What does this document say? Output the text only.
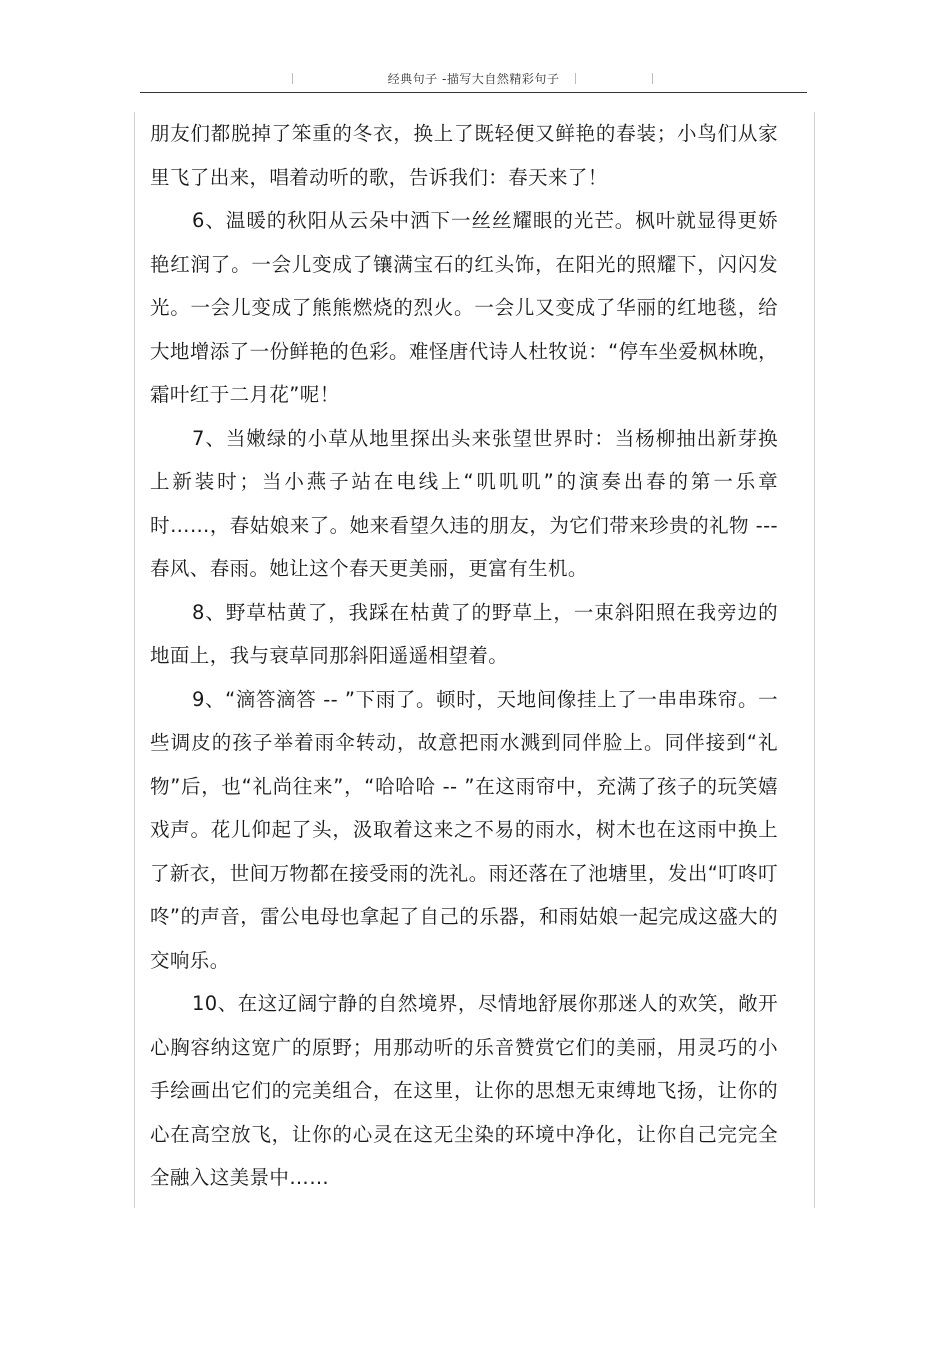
经典句子 -描写大自然精彩句子

朋友们都脱掉了笨重的冬衣，换上了既轻便又鲜艳的春装；小鸟们从家里飞了出来，唱着动听的歌，告诉我们：春天来了！

6、温暖的秋阳从云朵中洒下一丝丝耀眼的光芒。枫叶就显得更娇艳红润了。一会儿变成了镶满宝石的红头饰，在阳光的照耀下，闪闪发光。一会儿变成了熊熊燃烧的烈火。一会儿又变成了华丽的红地毯，给大地增添了一份鲜艳的色彩。难怪唐代诗人杜牧说：“停车坐爱枫林晚，霜叶红于二月花”呢！

7、当嫩绿的小草从地里探出头来张望世界时：当杨柳抽出新芽换上新装时；当小燕子站在电线上“叽叽叽”的演奏出春的第一乐章时……，春姑娘来了。她来看望久违的朋友，为它们带来珍贵的礼物 --- 春风、春雨。她让这个春天更美丽，更富有生机。

8、野草枯黄了，我踩在枯黄了的野草上，一束斜阳照在我旁边的地面上，我与衰草同那斜阳遥遥相望着。

9、“滴答滴答 -- ”下雨了。顿时，天地间像挂上了一串串珠帘。一些调皮的孩子举着雨伞转动，故意把雨水溅到同伴脸上。同伴接到“礼物”后，也“礼尚往来”，“哈哈哈 -- ”在这雨帘中，充满了孩子的玩笑嬉戏声。花儿仰起了头，汲取着这来之不易的雨水，树木也在这雨中换上了新衣，世间万物都在接受雨的洗礼。雨还落在了池塘里，发出“叮咚叮咚”的声音，雷公电母也拿起了自己的乐器，和雨姑娘一起完成这盛大的交响乐。

10、在这辽阔宁静的自然境界，尽情地舒展你那迷人的欢笑，敞开心胸容纳这宽广的原野；用那动听的乐音赞赏它们的美丽，用灵巧的小手绘画出它们的完美组合，在这里，让你的思想无束缚地飞扬，让你的心在高空放飞，让你的心灵在这无尘染的环境中净化，让你自己完完全全融入这美景中……
